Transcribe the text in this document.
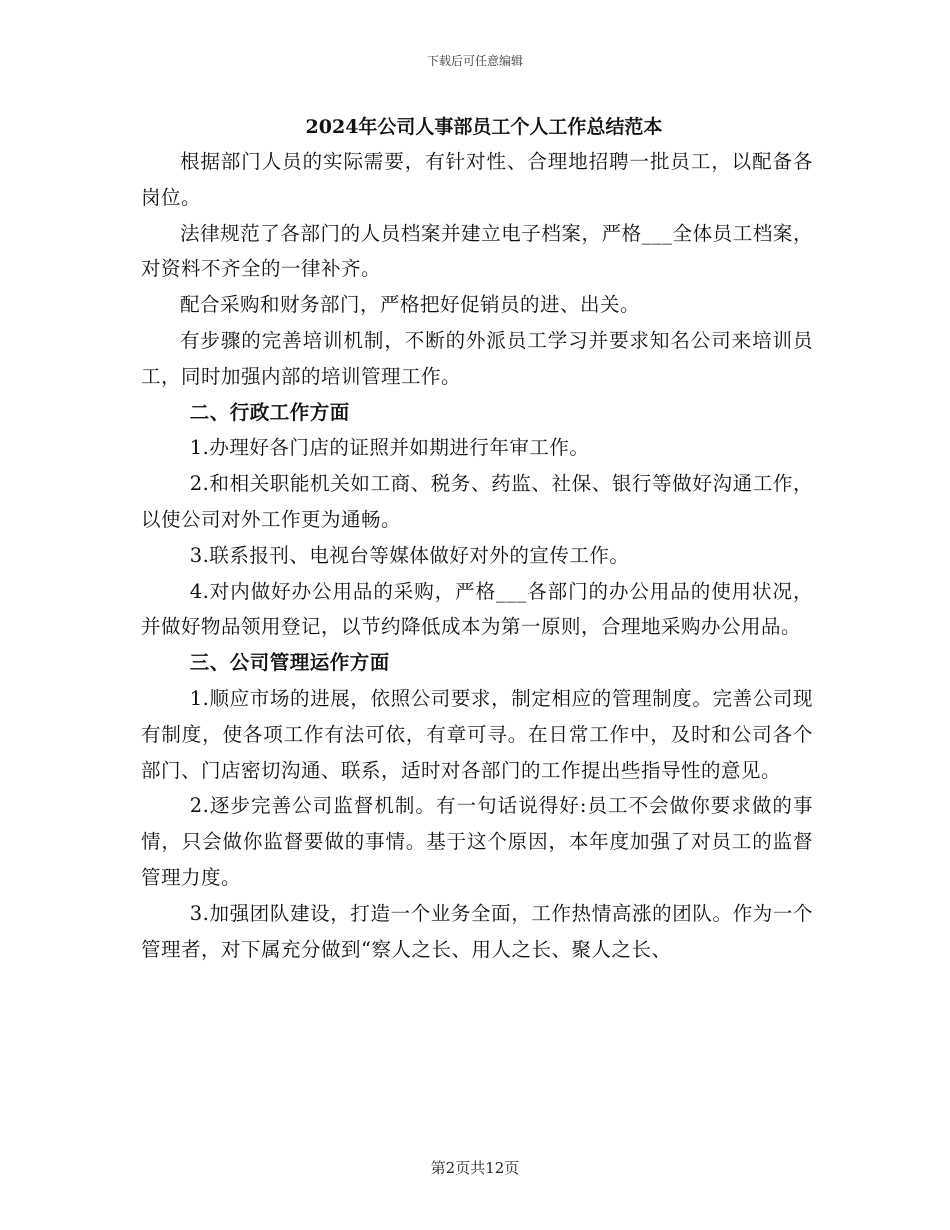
下载后可任意编辑
2024年公司人事部员工个人工作总结范本

根据部门人员的实际需要，有针对性、合理地招聘一批员工，以配备各岗位。

法律规范了各部门的人员档案并建立电子档案，严格___全体员工档案，对资料不齐全的一律补齐。

配合采购和财务部门，严格把好促销员的进、出关。

有步骤的完善培训机制，不断的外派员工学习并要求知名公司来培训员工，同时加强内部的培训管理工作。

二、行政工作方面

1.办理好各门店的证照并如期进行年审工作。

2.和相关职能机关如工商、税务、药监、社保、银行等做好沟通工作，以使公司对外工作更为通畅。

3.联系报刊、电视台等媒体做好对外的宣传工作。

4.对内做好办公用品的采购，严格___各部门的办公用品的使用状况，并做好物品领用登记，以节约降低成本为第一原则，合理地采购办公用品。

三、公司管理运作方面

1.顺应市场的进展，依照公司要求，制定相应的管理制度。完善公司现有制度，使各项工作有法可依，有章可寻。在日常工作中，及时和公司各个部门、门店密切沟通、联系，适时对各部门的工作提出些指导性的意见。

2.逐步完善公司监督机制。有一句话说得好:员工不会做你要求做的事情，只会做你监督要做的事情。基于这个原因，本年度加强了对员工的监督管理力度。

3.加强团队建设，打造一个业务全面，工作热情高涨的团队。作为一个管理者，对下属充分做到“察人之长、用人之长、聚人之长、

第2页共12页
